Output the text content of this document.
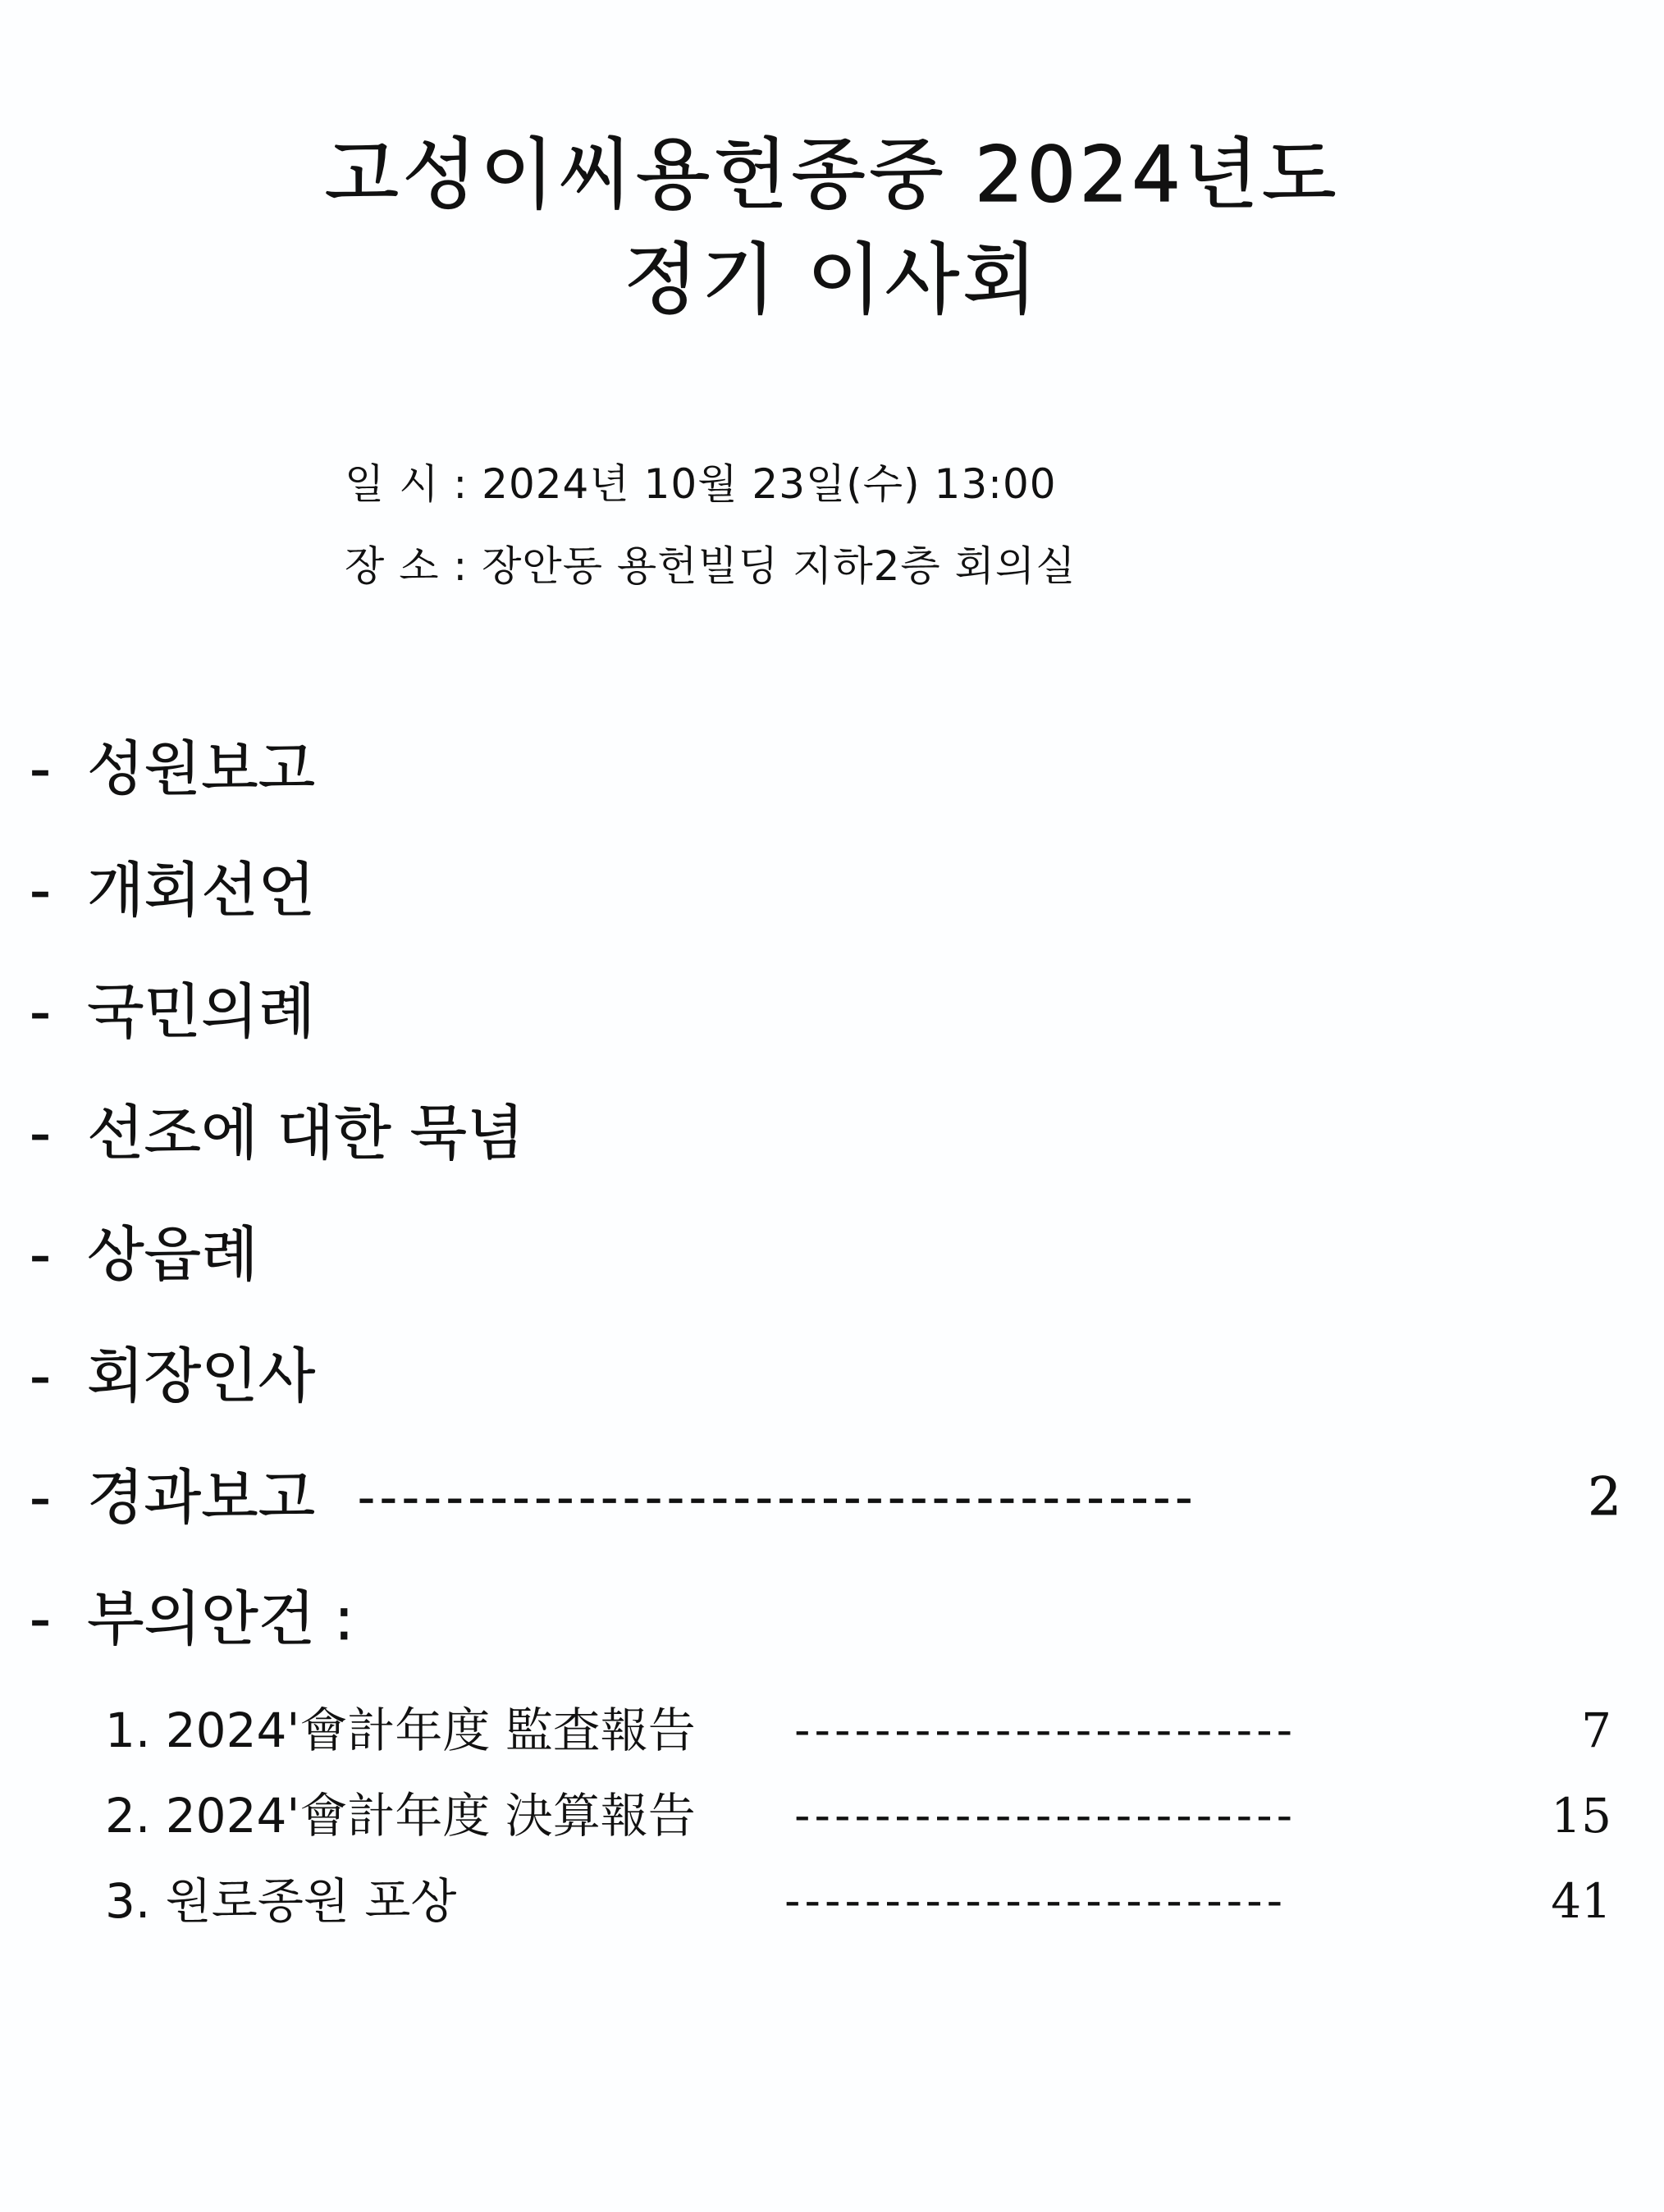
고성이씨용헌종중 2024년도
정기 이사회
일 시 : 2024년 10월 23일(수) 13:00
장 소 : 장안동 용헌빌딩 지하2층 회의실
- 성원보고
- 개회선언
- 국민의례
- 선조에 대한 묵념
- 상읍례
- 회장인사
- 경과보고 --------------------------------------	2
- 부의안건 :
1. 2024'會計年度 監査報告 -------------------------	7
2. 2024'會計年度 決算報告 -------------------------	15
3. 원로종원 포상	-------------------------	41
